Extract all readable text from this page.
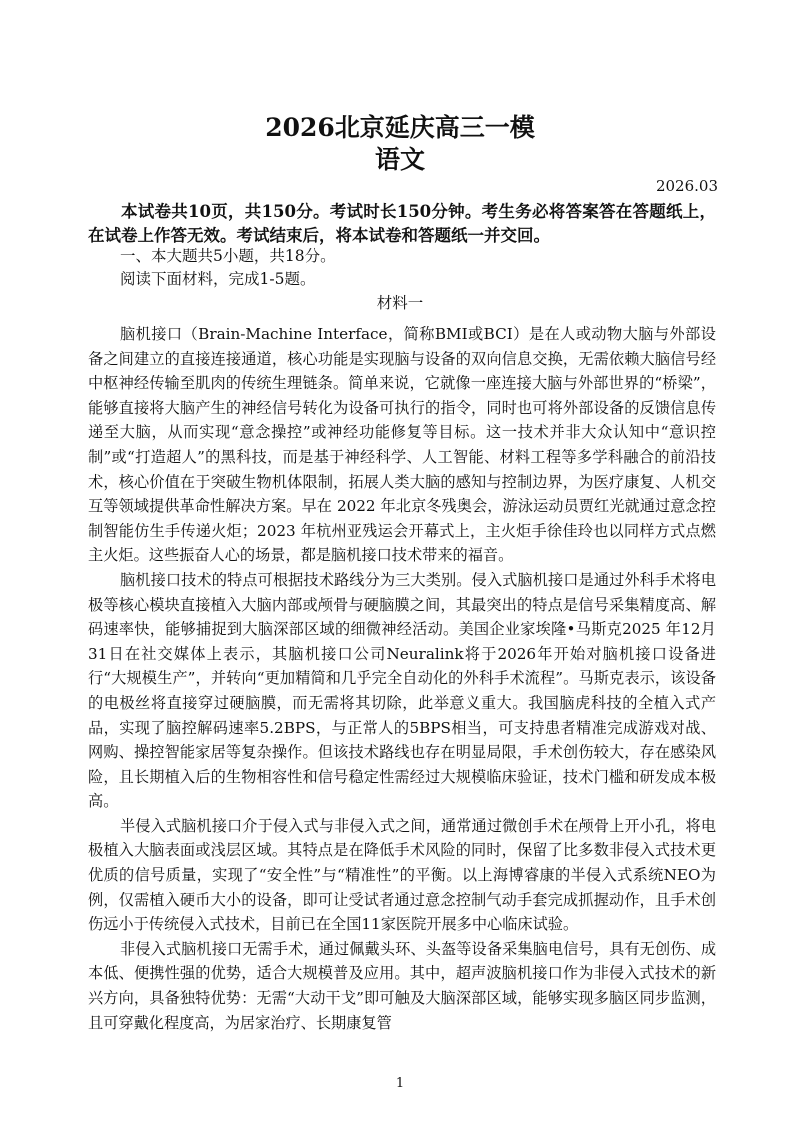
2026北京延庆高三一模
语文
2026.03
本试卷共10页，共150分。考试时长150分钟。考生务必将答案答在答题纸上，在试卷上作答无效。考试结束后，将本试卷和答题纸一并交回。
一、本大题共5小题，共18分。
阅读下面材料，完成1-5题。
材料一

脑机接口（Brain-Machine Interface，简称BMI或BCI）是在人或动物大脑与外部设备之间建立的直接连接通道，核心功能是实现脑与设备的双向信息交换，无需依赖大脑信号经中枢神经传输至肌肉的传统生理链条。简单来说，它就像一座连接大脑与外部世界的“桥梁”，能够直接将大脑产生的神经信号转化为设备可执行的指令，同时也可将外部设备的反馈信息传递至大脑，从而实现“意念操控”或神经功能修复等目标。这一技术并非大众认知中“意识控制”或“打造超人”的黑科技，而是基于神经科学、人工智能、材料工程等多学科融合的前沿技术，核心价值在于突破生物机体限制，拓展人类大脑的感知与控制边界，为医疗康复、人机交互等领域提供革命性解决方案。早在 2022 年北京冬残奥会，游泳运动员贾红光就通过意念控制智能仿生手传递火炬；2023 年杭州亚残运会开幕式上，主火炬手徐佳玲也以同样方式点燃主火炬。这些振奋人心的场景，都是脑机接口技术带来的福音。

脑机接口技术的特点可根据技术路线分为三大类别。侵入式脑机接口是通过外科手术将电极等核心模块直接植入大脑内部或颅骨与硬脑膜之间，其最突出的特点是信号采集精度高、解码速率快，能够捕捉到大脑深部区域的细微神经活动。美国企业家埃隆•马斯克2025 年12月31日在社交媒体上表示，其脑机接口公司Neuralink将于2026年开始对脑机接口设备进行“大规模生产”，并转向“更加精简和几乎完全自动化的外科手术流程”。马斯克表示，该设备的电极丝将直接穿过硬脑膜，而无需将其切除，此举意义重大。我国脑虎科技的全植入式产品，实现了脑控解码速率5.2BPS，与正常人的5BPS相当，可支持患者精准完成游戏对战、网购、操控智能家居等复杂操作。但该技术路线也存在明显局限，手术创伤较大，存在感染风险，且长期植入后的生物相容性和信号稳定性需经过大规模临床验证，技术门槛和研发成本极高。

半侵入式脑机接口介于侵入式与非侵入式之间，通常通过微创手术在颅骨上开小孔，将电极植入大脑表面或浅层区域。其特点是在降低手术风险的同时，保留了比多数非侵入式技术更优质的信号质量，实现了“安全性”与“精准性”的平衡。以上海博睿康的半侵入式系统NEO为例，仅需植入硬币大小的设备，即可让受试者通过意念控制气动手套完成抓握动作，且手术创伤远小于传统侵入式技术，目前已在全国11家医院开展多中心临床试验。

非侵入式脑机接口无需手术，通过佩戴头环、头盔等设备采集脑电信号，具有无创伤、成本低、便携性强的优势，适合大规模普及应用。其中，超声波脑机接口作为非侵入式技术的新兴方向，具备独特优势：无需“大动干戈”即可触及大脑深部区域，能够实现多脑区同步监测，且可穿戴化程度高，为居家治疗、长期康复管

1
